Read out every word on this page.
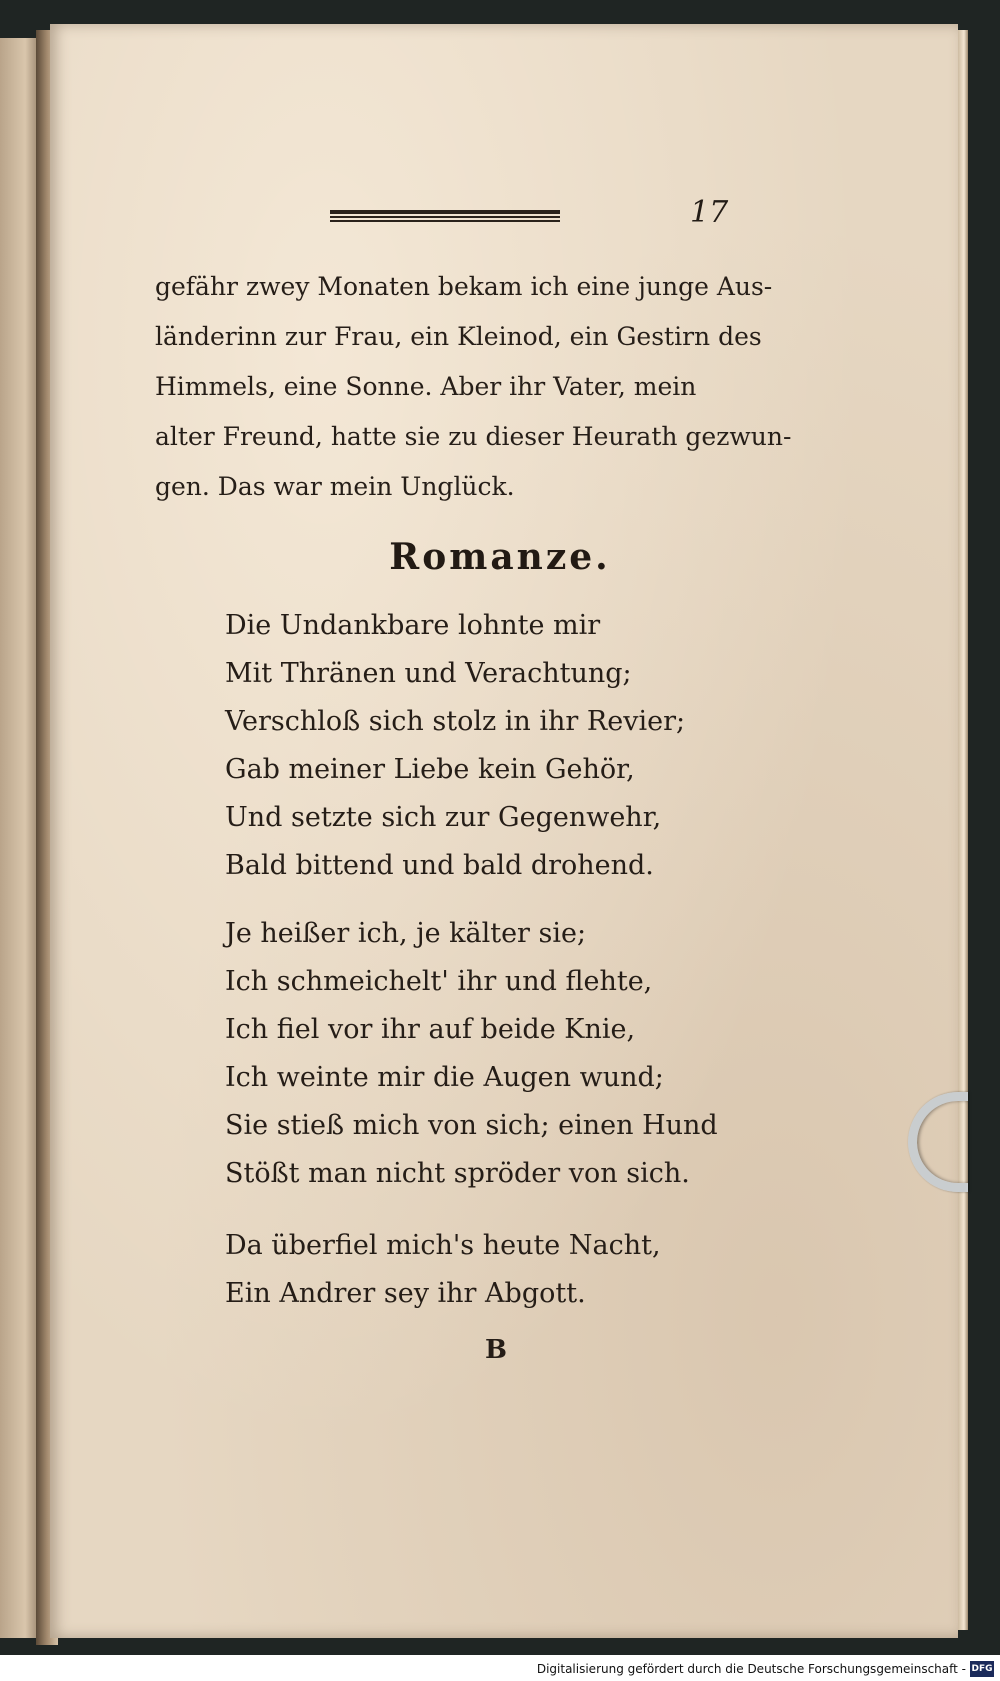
17
gefähr zwey Monaten bekam ich eine junge Aus-
länderinn zur Frau, ein Kleinod, ein Gestirn des
Himmels, eine Sonne. Aber ihr Vater, mein
alter Freund, hatte sie zu dieser Heurath gezwun-
gen. Das war mein Unglück.
Romanze.
Die Undankbare lohnte mir
Mit Thränen und Verachtung;
Verschloß sich stolz in ihr Revier;
Gab meiner Liebe kein Gehör,
Und setzte sich zur Gegenwehr,
Bald bittend und bald drohend.
Je heißer ich, je kälter sie;
Ich schmeichelt' ihr und flehte,
Ich fiel vor ihr auf beide Knie,
Ich weinte mir die Augen wund;
Sie stieß mich von sich; einen Hund
Stößt man nicht spröder von sich.
Da überfiel mich's heute Nacht,
Ein Andrer sey ihr Abgott.
B
Digitalisierung gefördert durch die Deutsche Forschungsgemeinschaft - DFG
